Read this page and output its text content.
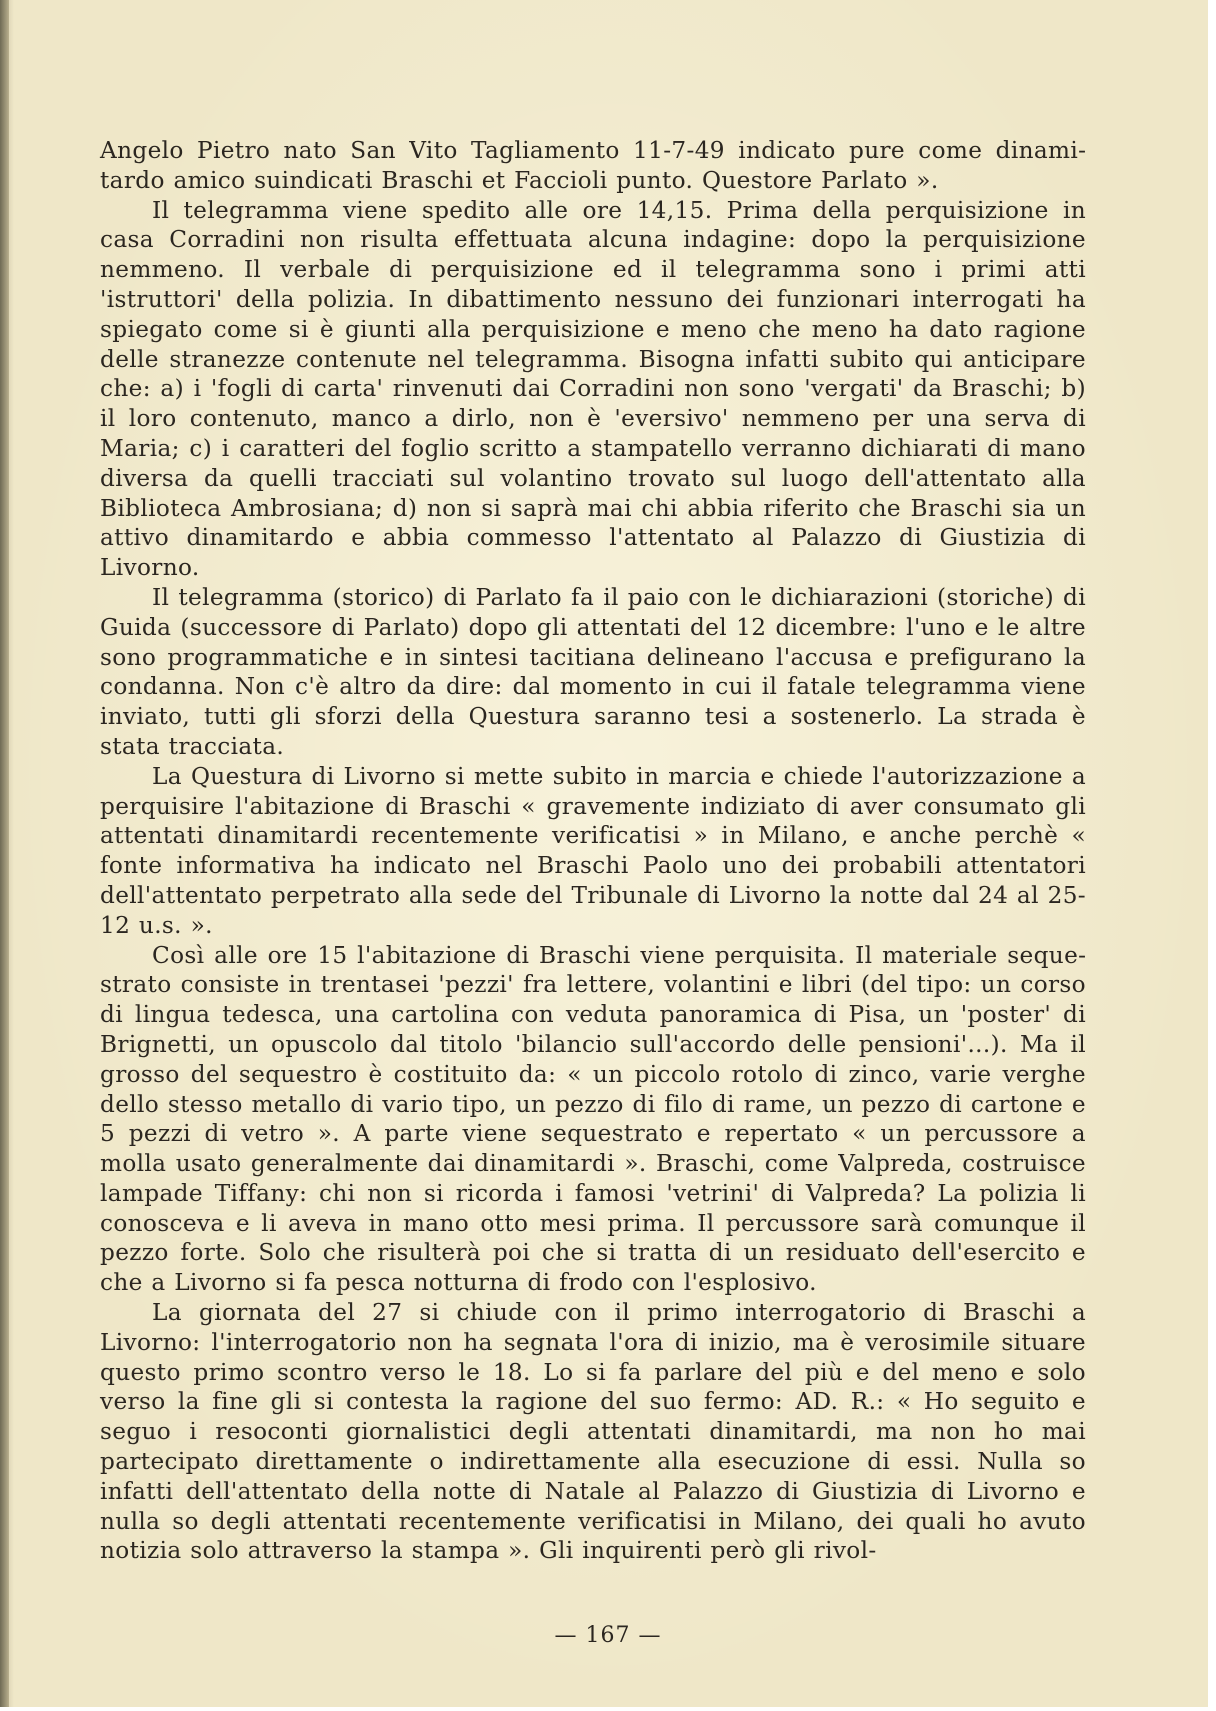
Angelo Pietro nato San Vito Tagliamento 11-7-49 indicato pure come dinamitardo amico suindicati Braschi et Faccioli punto. Questore Parlato ».

Il telegramma viene spedito alle ore 14,15. Prima della perquisizione in casa Corradini non risulta effettuata alcuna indagine: dopo la perquisizione nemmeno. Il verbale di perquisizione ed il telegramma sono i primi atti 'istruttori' della polizia. In dibattimento nessuno dei funzionari interrogati ha spiegato come si è giunti alla perquisizione e meno che meno ha dato ragione delle stranezze contenute nel telegramma. Bisogna infatti subito qui anticipare che: a) i 'fogli di carta' rinvenuti dai Corradini non sono 'vergati' da Braschi; b) il loro contenuto, manco a dirlo, non è 'eversivo' nemmeno per una serva di Maria; c) i caratteri del foglio scritto a stampatello verranno dichiarati di mano diversa da quelli tracciati sul volantino trovato sul luogo dell'attentato alla Biblioteca Ambrosiana; d) non si saprà mai chi abbia riferito che Braschi sia un attivo dinamitardo e abbia commesso l'attentato al Palazzo di Giustizia di Livorno.

Il telegramma (storico) di Parlato fa il paio con le dichiarazioni (storiche) di Guida (successore di Parlato) dopo gli attentati del 12 dicembre: l'uno e le altre sono programmatiche e in sintesi tacitiana delineano l'accusa e prefigurano la condanna. Non c'è altro da dire: dal momento in cui il fatale telegramma viene inviato, tutti gli sforzi della Questura saranno tesi a sostenerlo. La strada è stata tracciata.

La Questura di Livorno si mette subito in marcia e chiede l'autorizzazione a perquisire l'abitazione di Braschi « gravemente indiziato di aver consumato gli attentati dinamitardi recentemente verificatisi » in Milano, e anche perchè « fonte informativa ha indicato nel Braschi Paolo uno dei probabili attentatori dell'attentato perpetrato alla sede del Tribunale di Livorno la notte dal 24 al 25-12 u.s. ».

Così alle ore 15 l'abitazione di Braschi viene perquisita. Il materiale sequestrato consiste in trentasei 'pezzi' fra lettere, volantini e libri (del tipo: un corso di lingua tedesca, una cartolina con veduta panoramica di Pisa, un 'poster' di Brignetti, un opuscolo dal titolo 'bilancio sull'accordo delle pensioni'...). Ma il grosso del sequestro è costituito da: « un piccolo rotolo di zinco, varie verghe dello stesso metallo di vario tipo, un pezzo di filo di rame, un pezzo di cartone e 5 pezzi di vetro ». A parte viene sequestrato e repertato « un percussore a molla usato generalmente dai dinamitardi ». Braschi, come Valpreda, costruisce lampade Tiffany: chi non si ricorda i famosi 'vetrini' di Valpreda? La polizia li conosceva e li aveva in mano otto mesi prima. Il percussore sarà comunque il pezzo forte. Solo che risulterà poi che si tratta di un residuato dell'esercito e che a Livorno si fa pesca notturna di frodo con l'esplosivo.

La giornata del 27 si chiude con il primo interrogatorio di Braschi a Livorno: l'interrogatorio non ha segnata l'ora di inizio, ma è verosimile situare questo primo scontro verso le 18. Lo si fa parlare del più e del meno e solo verso la fine gli si contesta la ragione del suo fermo: AD. R.: « Ho seguito e seguo i resoconti giornalistici degli attentati dinamitardi, ma non ho mai partecipato direttamente o indirettamente alla esecuzione di essi. Nulla so infatti dell'attentato della notte di Natale al Palazzo di Giustizia di Livorno e nulla so degli attentati recentemente verificatisi in Milano, dei quali ho avuto notizia solo attraverso la stampa ». Gli inquirenti però gli rivol-

— 167 —
